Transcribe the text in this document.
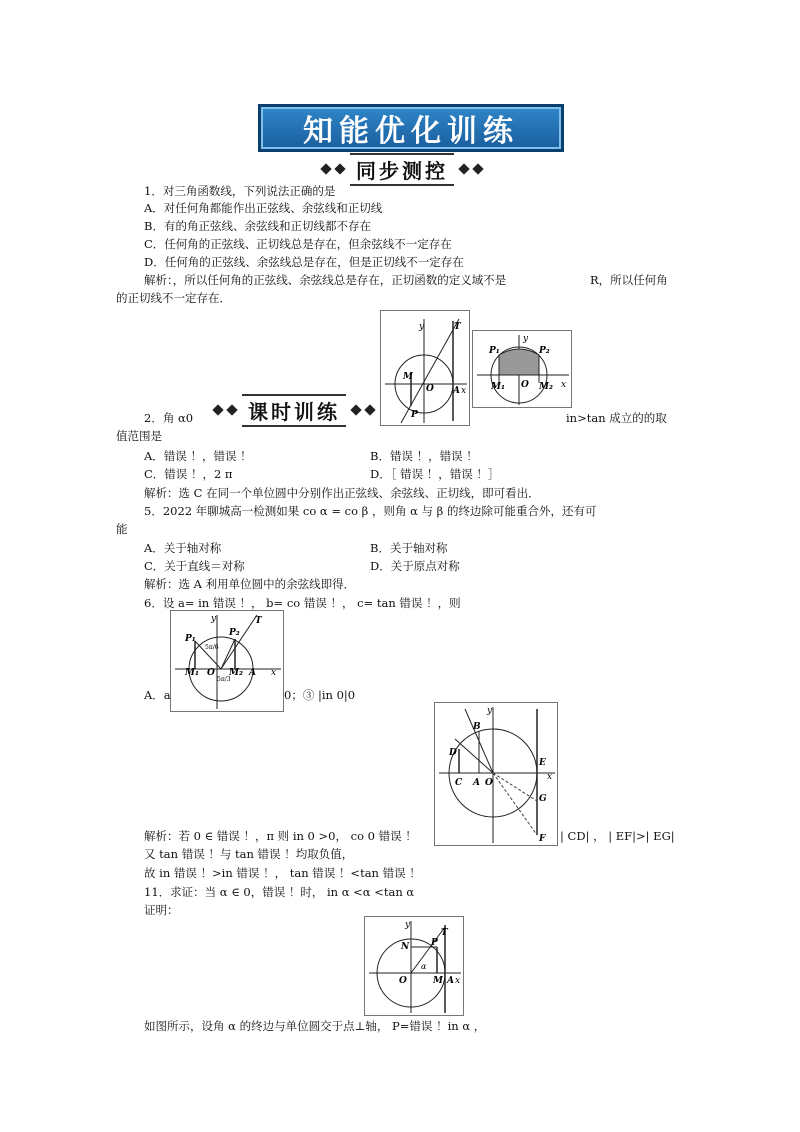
知能优化训练
同步测控
1．对三角函数线，下列说法正确的是
A．对任何角都能作出正弦线、余弦线和正切线
B．有的角正弦线、余弦线和正切线都不存在
C．任何角的正弦线、正切线总是存在，但余弦线不一定存在
D．任何角的正弦线、余弦线总是存在，但是正切线不一定存在
解析：，所以任何角的正弦线、余弦线总是存在，正切函数的定义域不是	R，所以任何角
的正切线不一定存在．
y	T
M
O A x
P
y
P₁	P₂
M₁	M₂
O	x
课时训练
2．角 α0	in>tan 成立的的取
值范围是
A．错误 ！，错误 ！	B．错误 ！，错误 ！
C．错误 ！，2 π	D．［ 错误 ！，错误 ！］
解析：选 C 在同一个单位圆中分别作出正弦线、余弦线、正切线，即可看出．
5．2022 年聊城高一检测如果 co α = co β ，则角 α 与 β 的终边除可能重合外，还有可
能
A．关于轴对称	B．关于轴对称
C．关于直线＝对称	D．关于原点对称
解析：选 A 利用单位圆中的余弦线即得．
6．设 a= in 错误 ！， b= co 错误 ！， c= tan 错误 ！，则
y	T
P₁
P₂
5π/6
M₁ O M₂ A x
5π/3
A．a	0；③ |in 0|0
y
B
D
E
x
C A O
G
F
解析：若 0 ∈ 错误 ！，π 则 in 0 >0， co 0 错误 ！	| CD| ， | EF|>| EG|
又 tan 错误 ！与 tan 错误 ！均取负值，
故 in 错误 ！>in 错误 ！， tan 错误 ！<tan 错误 ！
11．求证：当 α ∈ 0，错误 ！时， in α <α <tan α
证明：
y
T
P
N
α
O	M A x
如图所示，设角 α 的终边与单位圆交于点⊥轴， P=错误 ！in α ，
